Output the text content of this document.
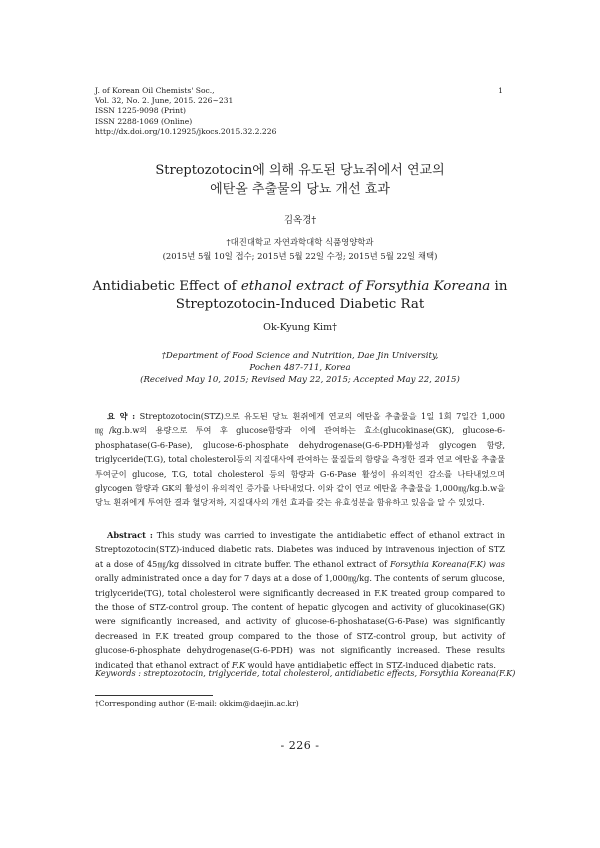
J. of Korean Oil Chemists' Soc.,
Vol. 32, No. 2. June, 2015. 226~231
ISSN 1225-9098 (Print)
ISSN 2288-1069 (Online)
http://dx.doi.org/10.12925/jkocs.2015.32.2.226
1
Streptozotocin에 의해 유도된 당뇨쥐에서 연교의
에탄올 추출물의 당뇨 개선 효과
김옥경†
†대진대학교 자연과학대학 식품영양학과
(2015년 5월 10일 접수; 2015년 5월 22일 수정; 2015년 5월 22일 채택)
Antidiabetic Effect of ethanol extract of Forsythia Koreana in
Streptozotocin-Induced Diabetic Rat
Ok-Kyung Kim†
†Department of Food Science and Nutrition, Dae Jin University,
Pochen 487-711, Korea
(Received May 10, 2015; Revised May 22, 2015; Accepted May 22, 2015)
요 약 : Streptozotocin(STZ)으로 유도된 당뇨 흰쥐에게 연교의 에탄올 추출물을 1일 1회 7일간 1,000㎎/kg.b.w의 용량으로 투여 후 glucose함량과 이에 관여하는 효소(glucokinase(GK), glucose-6-phosphatase(G-6-Pase), glucose-6-phosphate dehydrogenase(G-6-PDH)활성과 glycogen 함량, triglyceride(T.G), total cholesterol등의 지질대사에 관여하는 물질들의 함량을 측정한 결과 연교 에탄올 추출물 투여군이 glucose, T.G, total cholesterol 등의 함량과 G-6-Pase 활성이 유의적인 감소를 나타내었으며 glycogen 함량과 GK의 활성이 유의적인 증가를 나타내었다. 이와 같이 연교 에탄올 추출물을 1,000㎎/kg.b.w을 당뇨 흰쥐에게 투여한 결과 혈당저하, 지질대사의 개선 효과를 갖는 유효성분을 함유하고 있음을 알 수 있었다.
Abstract : This study was carried to investigate the antidiabetic effect of ethanol extract in Streptozotocin(STZ)-induced diabetic rats. Diabetes was induced by intravenous injection of STZ at a dose of 45㎎/kg dissolved in citrate buffer. The ethanol extract of Forsythia Koreana(F.K) was orally administrated once a day for 7 days at a dose of 1,000㎎/kg. The contents of serum glucose, triglyceride(TG), total cholesterol were significantly decreased in F.K treated group compared to the those of STZ-control group. The content of hepatic glycogen and activity of glucokinase(GK) were significantly increased, and activity of glucose-6-phoshatase(G-6-Pase) was significantly decreased in F.K treated group compared to the those of STZ-control group, but activity of glucose-6-phosphate dehydrogenase(G-6-PDH) was not significantly increased. These results indicated that ethanol extract of F.K would have antidiabetic effect in STZ-induced diabetic rats.
Keywords : streptozotocin, triglyceride, total cholesterol, antidiabetic effects, Forsythia Koreana(F.K)
†Corresponding author (E-mail: okkim@daejin.ac.kr)
- 226 -
